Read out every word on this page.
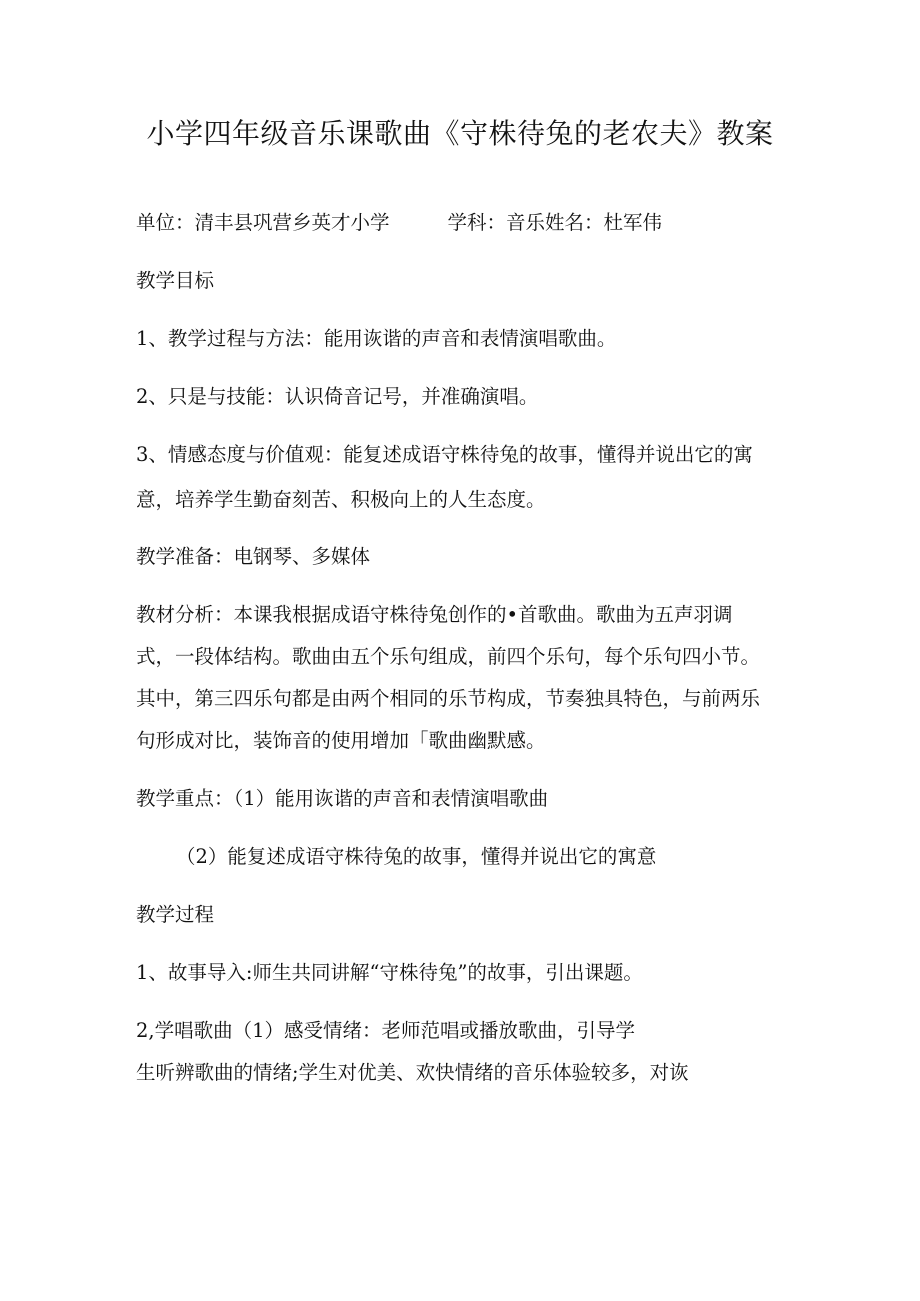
小学四年级音乐课歌曲《守株待兔的老农夫》教案
单位：清丰县巩营乡英才小学	学科：音乐姓名：杜军伟
教学目标
1、教学过程与方法：能用诙谐的声音和表情演唱歌曲。
2、只是与技能：认识倚音记号，并准确演唱。
3、情感态度与价值观：能复述成语守株待兔的故事，懂得并说出它的寓
意，培养学生勤奋刻苦、积极向上的人生态度。
教学准备：电钢琴、多媒体
教材分析：本课我根据成语守株待兔创作的•首歌曲。歌曲为五声羽调
式，一段体结构。歌曲由五个乐句组成，前四个乐句，每个乐句四小节。
其中，第三四乐句都是由两个相同的乐节构成，节奏独具特色，与前两乐
句形成对比，装饰音的使用增加「歌曲幽默感。
教学重点：（1）能用诙谐的声音和表情演唱歌曲
（2）能复述成语守株待兔的故事，懂得并说出它的寓意
教学过程
1、故事导入:师生共同讲解“守株待兔”的故事，引出课题。
2,学唱歌曲（1）感受情绪：老师范唱或播放歌曲，引导学
生听辨歌曲的情绪;学生对优美、欢快情绪的音乐体验较多，对诙
